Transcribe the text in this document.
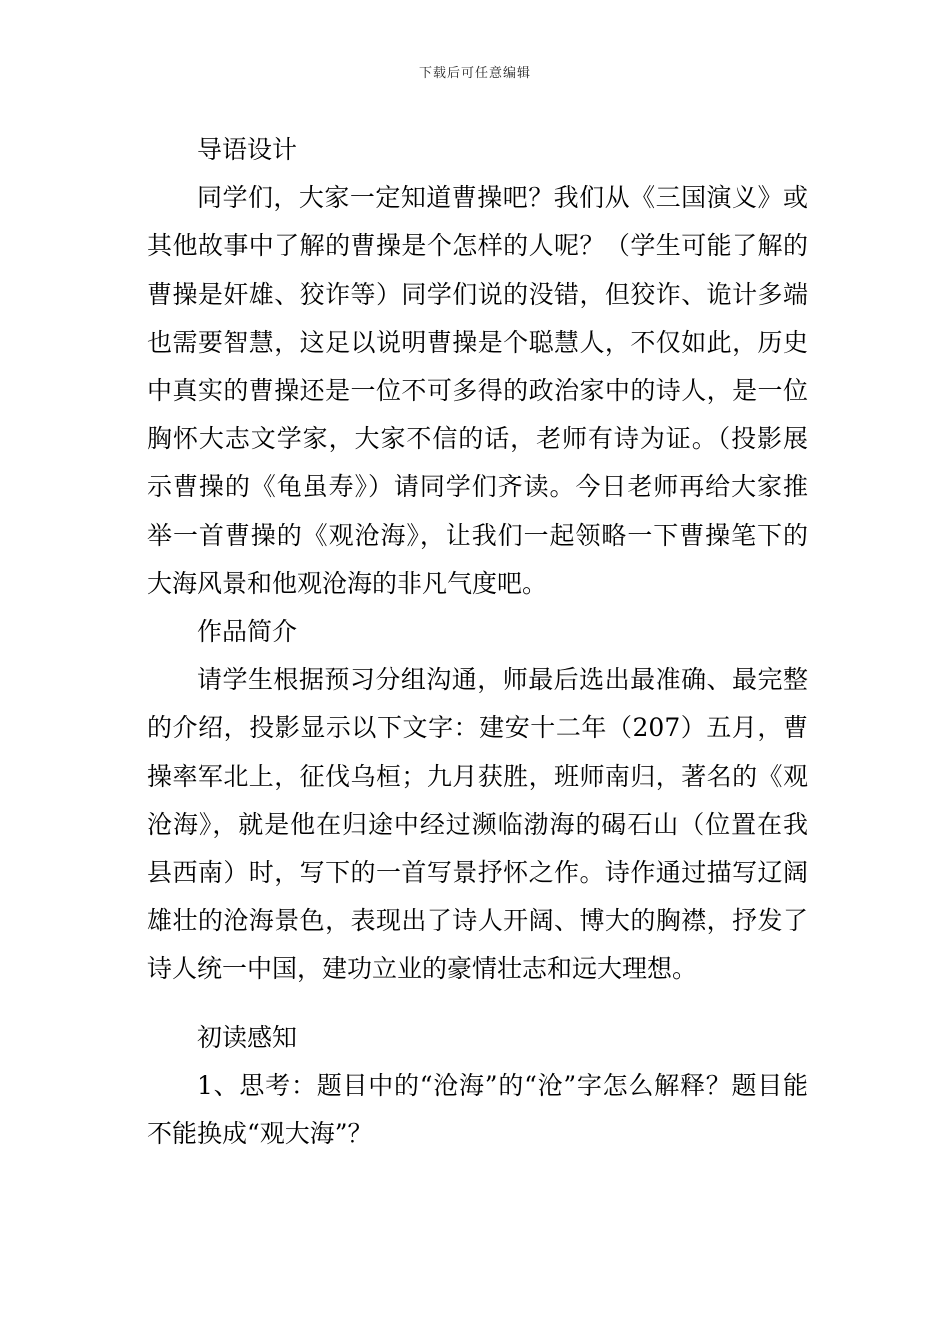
下载后可任意编辑

导语设计

同学们，大家一定知道曹操吧？我们从《三国演义》或其他故事中了解的曹操是个怎样的人呢？（学生可能了解的曹操是奸雄、狡诈等）同学们说的没错，但狡诈、诡计多端也需要智慧，这足以说明曹操是个聪慧人，不仅如此，历史中真实的曹操还是一位不可多得的政治家中的诗人，是一位胸怀大志文学家，大家不信的话，老师有诗为证。（投影展示曹操的《龟虽寿》）请同学们齐读。今日老师再给大家推举一首曹操的《观沧海》，让我们一起领略一下曹操笔下的大海风景和他观沧海的非凡气度吧。

作品简介

请学生根据预习分组沟通，师最后选出最准确、最完整的介绍，投影显示以下文字：建安十二年（207）五月，曹操率军北上，征伐乌桓；九月获胜，班师南归，著名的《观沧海》，就是他在归途中经过濒临渤海的碣石山（位置在我县西南）时，写下的一首写景抒怀之作。诗作通过描写辽阔雄壮的沧海景色，表现出了诗人开阔、博大的胸襟，抒发了诗人统一中国，建功立业的豪情壮志和远大理想。

初读感知

1、思考：题目中的“沧海”的“沧”字怎么解释？题目能不能换成“观大海”？
